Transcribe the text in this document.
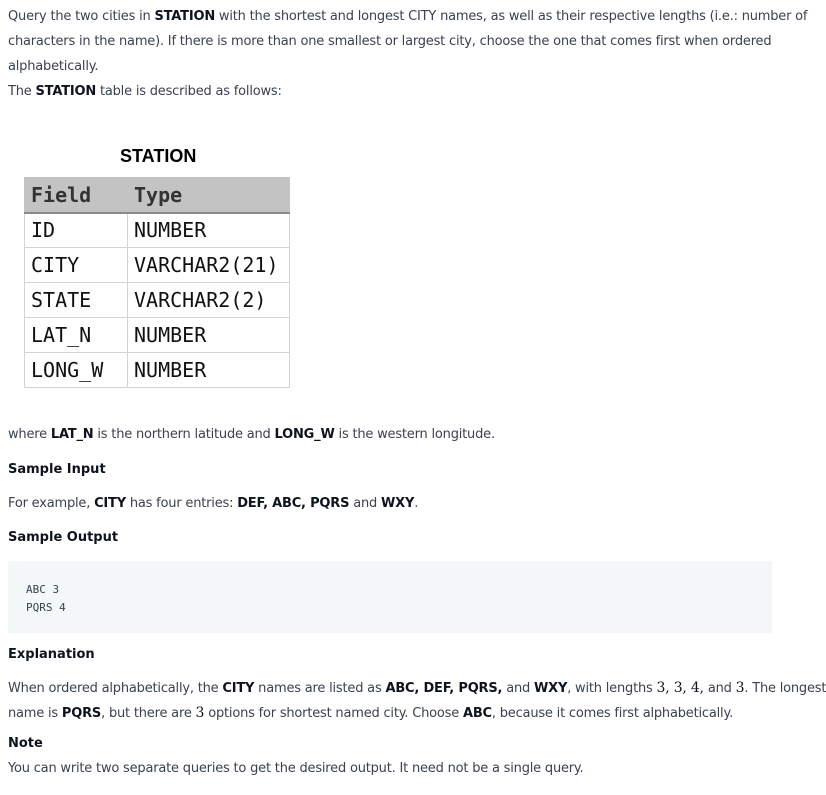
Query the two cities in STATION with the shortest and longest CITY names, as well as their respective lengths (i.e.: number of

characters in the name). If there is more than one smallest or largest city, choose the one that comes first when ordered

alphabetically.

The STATION table is described as follows:

STATION
Field	Type
ID	NUMBER
CITY	VARCHAR2(21)
STATE	VARCHAR2(2)
LAT_N	NUMBER
LONG_W	NUMBER

where LAT_N is the northern latitude and LONG_W is the western longitude.

Sample Input

For example, CITY has four entries: DEF, ABC, PQRS and WXY.

Sample Output
ABC 3
PQRS 4
Explanation

When ordered alphabetically, the CITY names are listed as ABC, DEF, PQRS, and WXY, with lengths 3, 3, 4, and 3. The longest

name is PQRS, but there are 3 options for shortest named city. Choose ABC, because it comes first alphabetically.

Note

You can write two separate queries to get the desired output. It need not be a single query.
